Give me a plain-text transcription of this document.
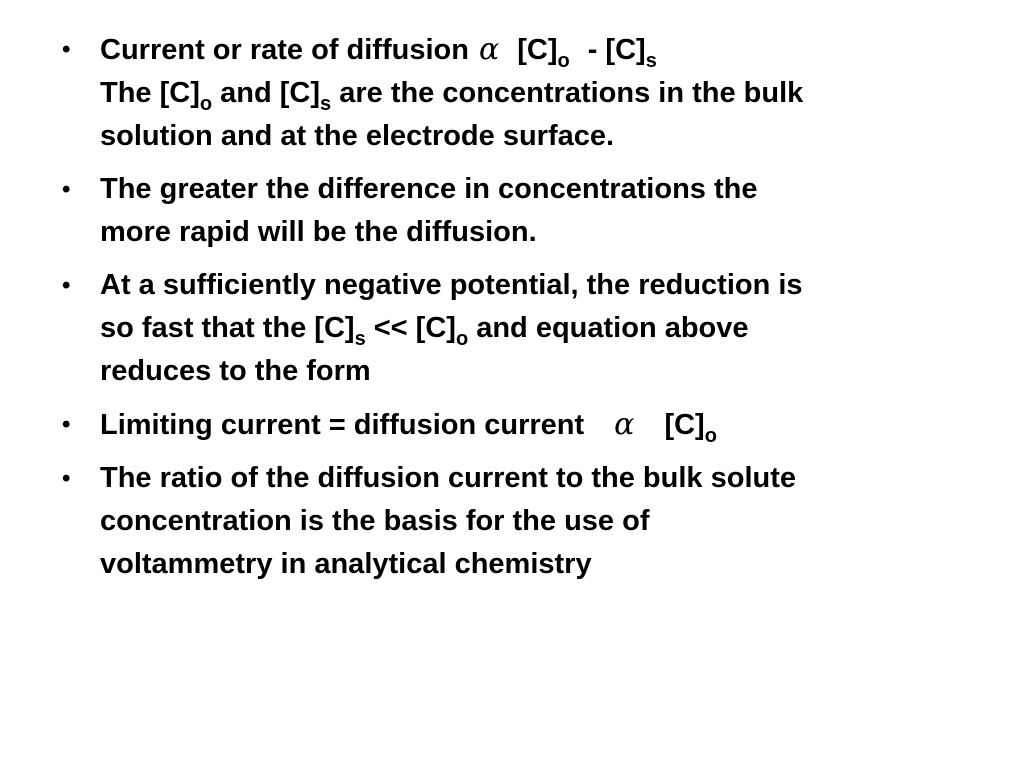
•	Current or rate of diffusion α $[C]_o - [C]_s$
The $[C]_o$ and $[C]_s$ are the concentrations in the bulk
solution and at the electrode surface.
•	The greater the difference in concentrations the
more rapid will be the diffusion.
•	At a sufficiently negative potential, the reduction is
so fast that the $[C]_s << [C]_o$ and equation above
reduces to the form
•	Limiting current = diffusion current α $[C]_o$
•	The ratio of the diffusion current to the bulk solute
concentration is the basis for the use of
voltammetry in analytical chemistry
